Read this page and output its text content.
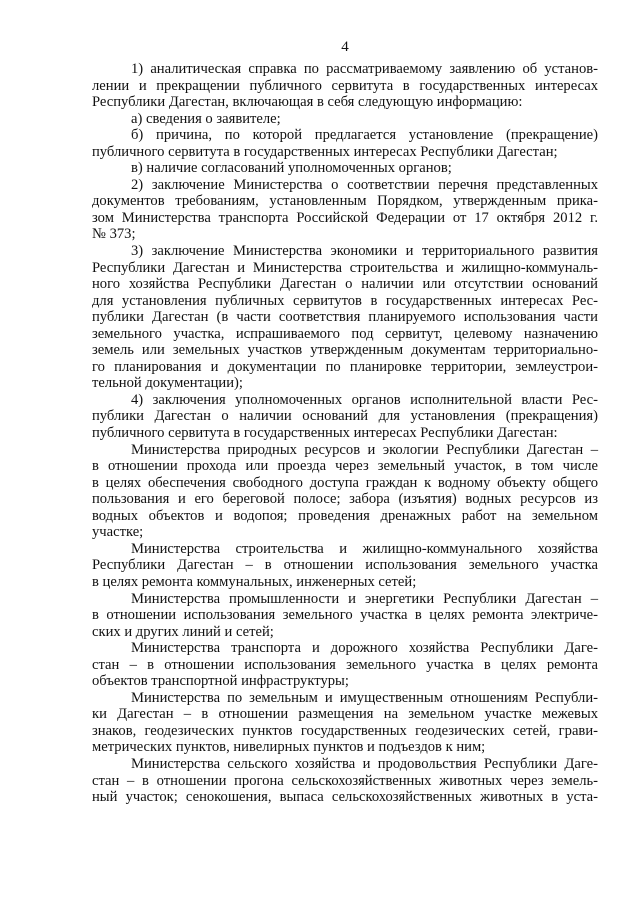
4
1) аналитическая справка по рассматриваемому заявлению об установ-
лении и прекращении публичного сервитута в государственных интересах
Республики Дагестан, включающая в себя следующую информацию:
а) сведения о заявителе;
б) причина, по которой предлагается установление (прекращение)
публичного сервитута в государственных интересах Республики Дагестан;
в) наличие согласований уполномоченных органов;
2) заключение Министерства о соответствии перечня представленных
документов требованиям, установленным Порядком, утвержденным прика-
зом Министерства транспорта Российской Федерации от 17 октября 2012 г.
№ 373;
3) заключение Министерства экономики и территориального развития
Республики Дагестан и Министерства строительства и жилищно-коммуналь-
ного хозяйства Республики Дагестан о наличии или отсутствии оснований
для установления публичных сервитутов в государственных интересах Рес-
публики Дагестан (в части соответствия планируемого использования части
земельного участка, испрашиваемого под сервитут, целевому назначению
земель или земельных участков утвержденным документам территориально-
го планирования и документации по планировке территории, землеустрои-
тельной документации);
4) заключения уполномоченных органов исполнительной власти Рес-
публики Дагестан о наличии оснований для установления (прекращения)
публичного сервитута в государственных интересах Республики Дагестан:
Министерства природных ресурсов и экологии Республики Дагестан –
в отношении прохода или проезда через земельный участок, в том числе
в целях обеспечения свободного доступа граждан к водному объекту общего
пользования и его береговой полосе; забора (изъятия) водных ресурсов из
водных объектов и водопоя; проведения дренажных работ на земельном
участке;
Министерства строительства и жилищно-коммунального хозяйства
Республики Дагестан – в отношении использования земельного участка
в целях ремонта коммунальных, инженерных сетей;
Министерства промышленности и энергетики Республики Дагестан –
в отношении использования земельного участка в целях ремонта электриче-
ских и других линий и сетей;
Министерства транспорта и дорожного хозяйства Республики Даге-
стан – в отношении использования земельного участка в целях ремонта
объектов транспортной инфраструктуры;
Министерства по земельным и имущественным отношениям Республи-
ки Дагестан – в отношении размещения на земельном участке межевых
знаков, геодезических пунктов государственных геодезических сетей, грави-
метрических пунктов, нивелирных пунктов и подъездов к ним;
Министерства сельского хозяйства и продовольствия Республики Даге-
стан – в отношении прогона сельскохозяйственных животных через земель-
ный участок; сенокошения, выпаса сельскохозяйственных животных в уста-
